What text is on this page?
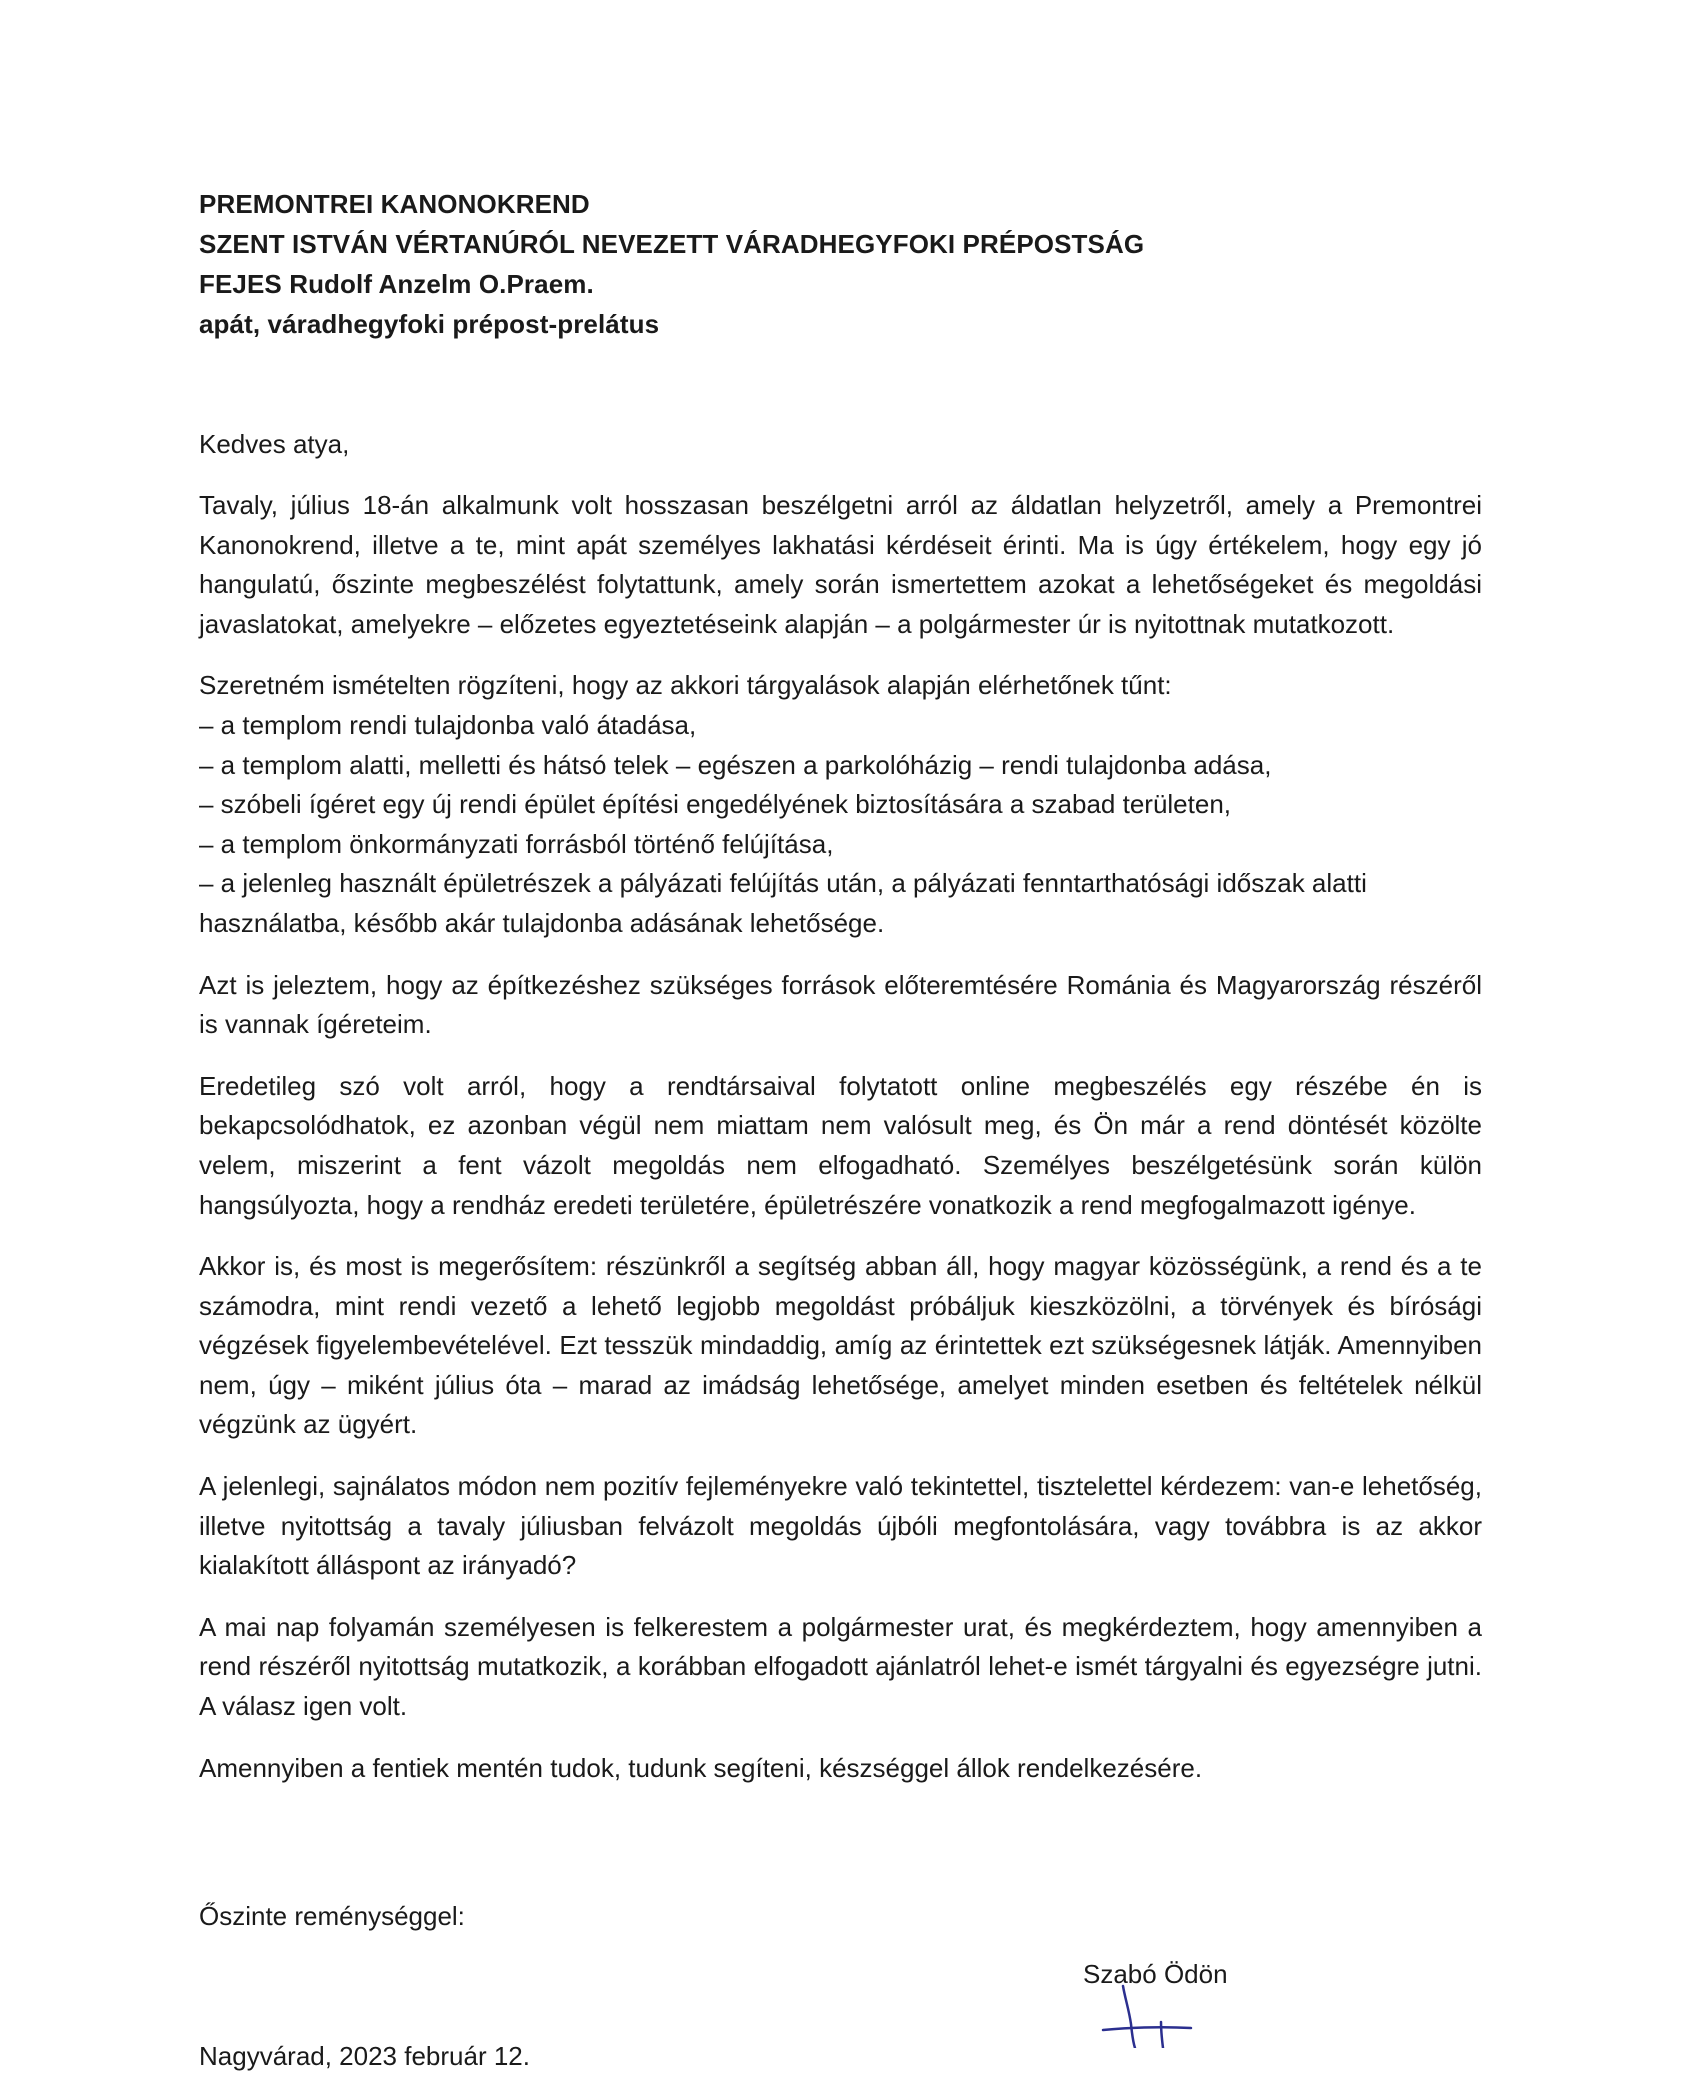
PREMONTREI KANONOKREND
SZENT ISTVÁN VÉRTANÚRÓL NEVEZETT VÁRADHEGYFOKI PRÉPOSTSÁG
FEJES Rudolf Anzelm O.Praem.
apát, váradhegyfoki prépost-prelátus
Kedves atya,

Tavaly, július 18-án alkalmunk volt hosszasan beszélgetni arról az áldatlan helyzetről, amely a Premontrei Kanonokrend, illetve a te, mint apát személyes lakhatási kérdéseit érinti. Ma is úgy értékelem, hogy egy jó hangulatú, őszinte megbeszélést folytattunk, amely során ismertettem azokat a lehetőségeket és megoldási javaslatokat, amelyekre – előzetes egyeztetéseink alapján – a polgármester úr is nyitottnak mutatkozott.

Szeretném ismételten rögzíteni, hogy az akkori tárgyalások alapján elérhetőnek tűnt:

– a templom rendi tulajdonba való átadása,
– a templom alatti, melletti és hátsó telek – egészen a parkolóházig – rendi tulajdonba adása,
– szóbeli ígéret egy új rendi épület építési engedélyének biztosítására a szabad területen,
– a templom önkormányzati forrásból történő felújítása,
– a jelenleg használt épületrészek a pályázati felújítás után, a pályázati fenntarthatósági időszak alatti használatba, később akár tulajdonba adásának lehetősége.

Azt is jeleztem, hogy az építkezéshez szükséges források előteremtésére Románia és Magyarország részéről is vannak ígéreteim.

Eredetileg szó volt arról, hogy a rendtársaival folytatott online megbeszélés egy részébe én is bekapcsolódhatok, ez azonban végül nem miattam nem valósult meg, és Ön már a rend döntését közölte velem, miszerint a fent vázolt megoldás nem elfogadható. Személyes beszélgetésünk során külön hangsúlyozta, hogy a rendház eredeti területére, épületrészére vonatkozik a rend megfogalmazott igénye.

Akkor is, és most is megerősítem: részünkről a segítség abban áll, hogy magyar közösségünk, a rend és a te számodra, mint rendi vezető a lehető legjobb megoldást próbáljuk kieszközölni, a törvények és bírósági végzések figyelembevételével. Ezt tesszük mindaddig, amíg az érintettek ezt szükségesnek látják. Amennyiben nem, úgy – miként július óta – marad az imádság lehetősége, amelyet minden esetben és feltételek nélkül végzünk az ügyért.

A jelenlegi, sajnálatos módon nem pozitív fejleményekre való tekintettel, tisztelettel kérdezem: van-e lehetőség, illetve nyitottság a tavaly júliusban felvázolt megoldás újbóli megfontolására, vagy továbbra is az akkor kialakított álláspont az irányadó?

A mai nap folyamán személyesen is felkerestem a polgármester urat, és megkérdeztem, hogy amennyiben a rend részéről nyitottság mutatkozik, a korábban elfogadott ajánlatról lehet-e ismét tárgyalni és egyezségre jutni. A válasz igen volt.

Amennyiben a fentiek mentén tudok, tudunk segíteni, készséggel állok rendelkezésére.

Őszinte reménységgel:
Szabó Ödön
Nagyvárad, 2023 február 12.
